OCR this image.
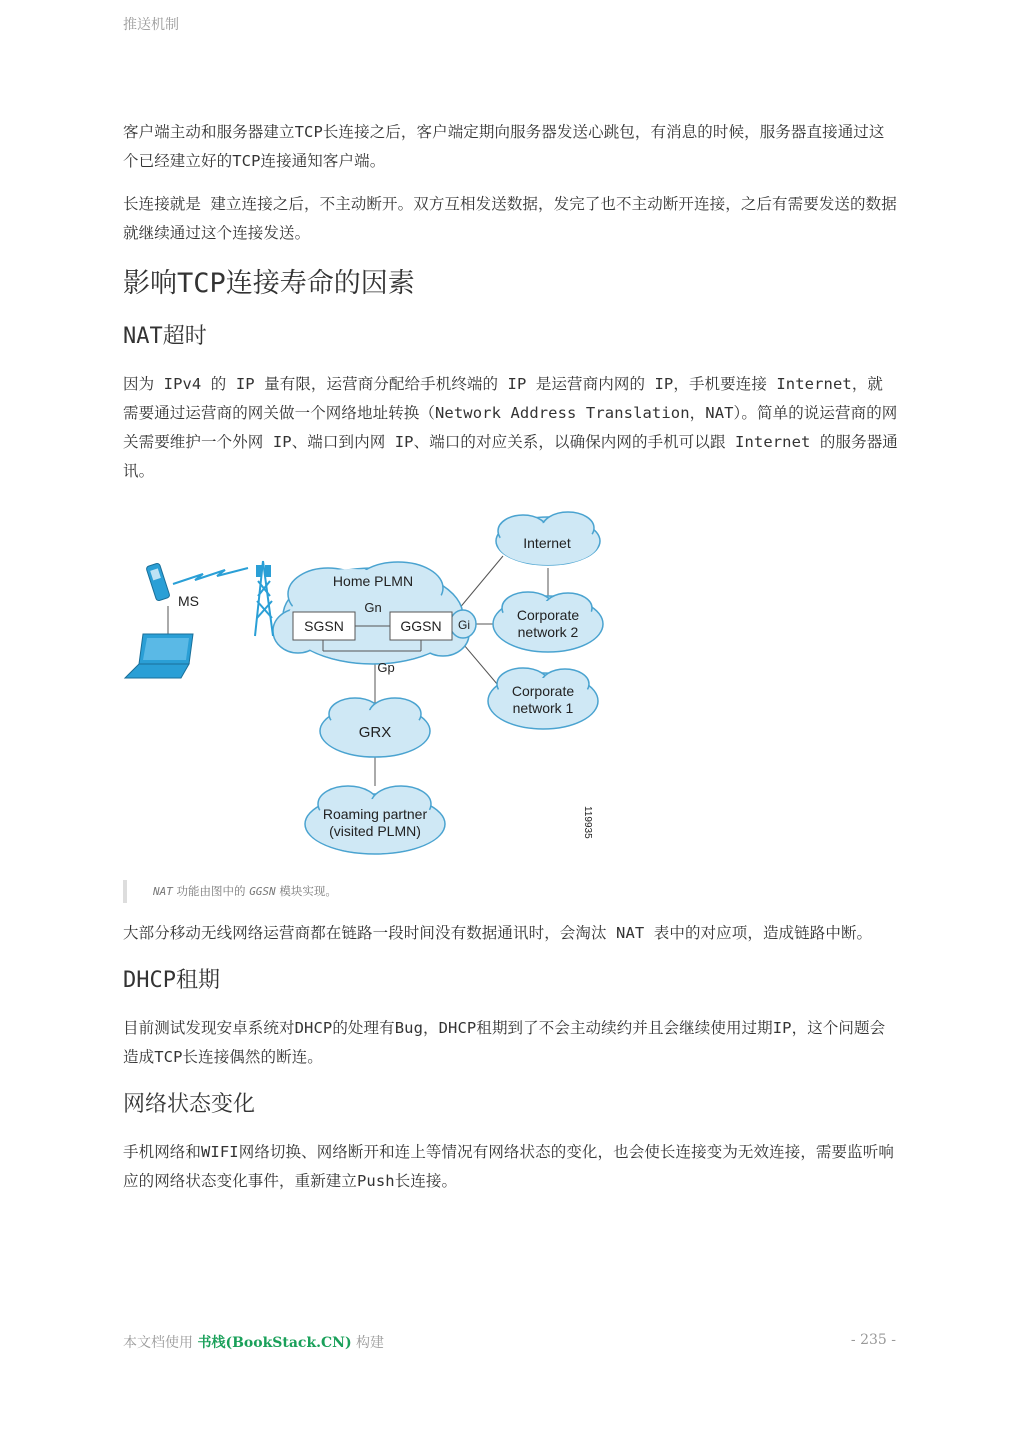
推送机制

客户端主动和服务器建立TCP长连接之后，客户端定期向服务器发送心跳包，有消息的时候，服务器直接通过这个已经建立好的TCP连接通知客户端。

长连接就是 建立连接之后，不主动断开。双方互相发送数据，发完了也不主动断开连接，之后有需要发送的数据就继续通过这个连接发送。

影响TCP连接寿命的因素
NAT超时

因为 IPv4 的 IP 量有限，运营商分配给手机终端的 IP 是运营商内网的 IP，手机要连接 Internet，就需要通过运营商的网关做一个网络地址转换（Network Address Translation，NAT）。简单的说运营商的网关需要维护一个外网 IP、端口到内网 IP、端口的对应关系，以确保内网的手机可以跟 Internet 的服务器通讯。

Home PLMN
Gn
SGSN	GGSN Gi
Gp
Internet
Corporate
network 2
Corporate
network 1
GRX
Roaming partner
(visited PLMN)
MS
119935
NAT 功能由图中的 GGSN 模块实现。

大部分移动无线网络运营商都在链路一段时间没有数据通讯时，会淘汰 NAT 表中的对应项，造成链路中断。

DHCP租期

目前测试发现安卓系统对DHCP的处理有Bug，DHCP租期到了不会主动续约并且会继续使用过期IP，这个问题会造成TCP长连接偶然的断连。

网络状态变化

手机网络和WIFI网络切换、网络断开和连上等情况有网络状态的变化，也会使长连接变为无效连接，需要监听响应的网络状态变化事件，重新建立Push长连接。

本文档使用 书栈(BookStack.CN) 构建	- 235 -
